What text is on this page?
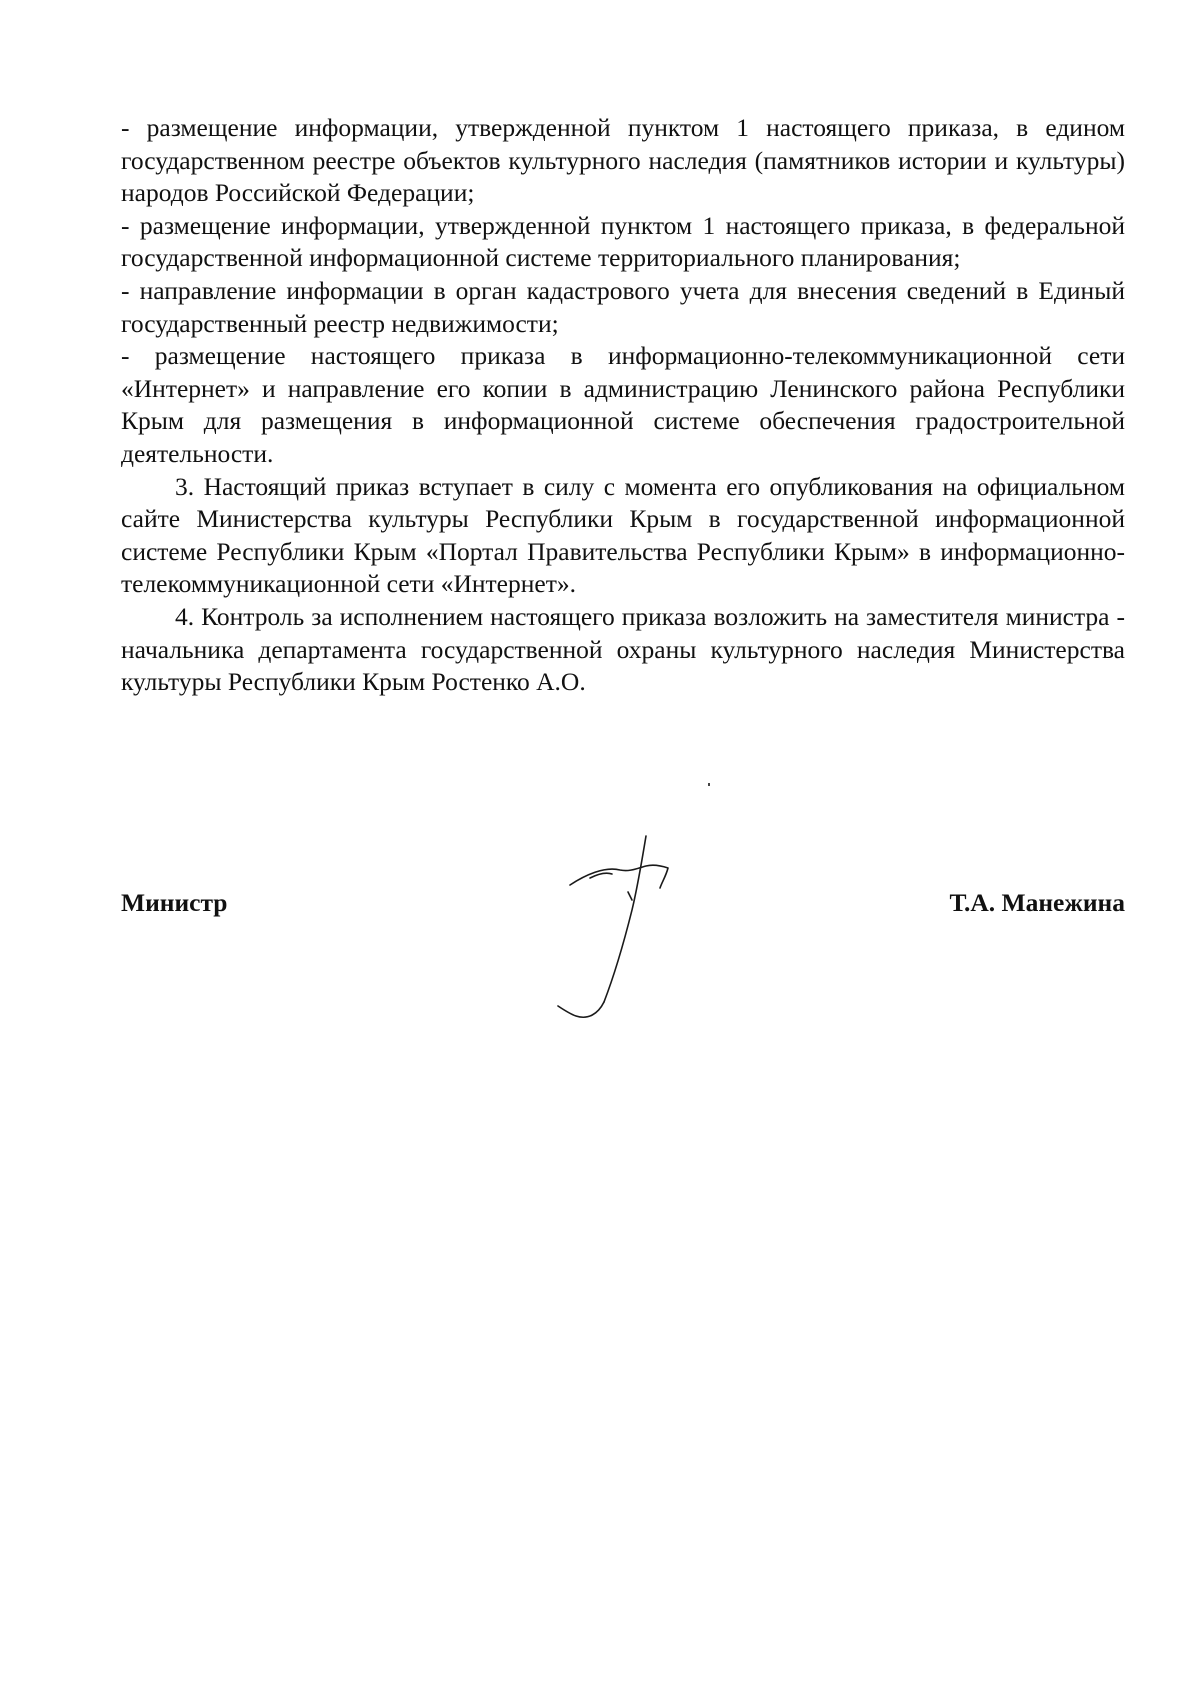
- размещение информации, утвержденной пунктом 1 настоящего приказа, в едином государственном реестре объектов культурного наследия (памятников истории и культуры) народов Российской Федерации;

- размещение информации, утвержденной пунктом 1 настоящего приказа, в федеральной государственной информационной системе территориального планирования;

- направление информации в орган кадастрового учета для внесения сведений в Единый государственный реестр недвижимости;

- размещение настоящего приказа в информационно-телекоммуникационной сети «Интернет» и направление его копии в администрацию Ленинского района Республики Крым для размещения в информационной системе обеспечения градостроительной деятельности.

3. Настоящий приказ вступает в силу с момента его опубликования на официальном сайте Министерства культуры Республики Крым в государственной информационной системе Республики Крым «Портал Правительства Республики Крым» в информационно-телекоммуникационной сети «Интернет».

4. Контроль за исполнением настоящего приказа возложить на заместителя министра - начальника департамента государственной охраны культурного наследия Министерства культуры Республики Крым Ростенко А.О.

Министр	Т.А. Манежина
